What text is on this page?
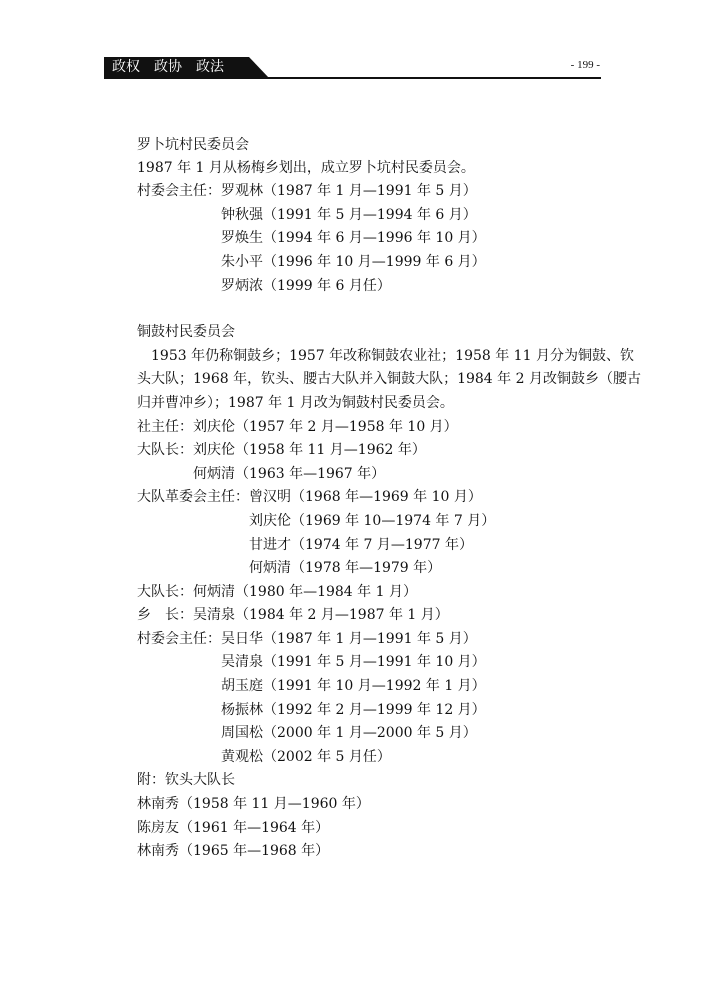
政权　政协　政法	- 199 -
罗卜坑村民委员会
1987 年 1 月从杨梅乡划出，成立罗卜坑村民委员会。
村委会主任：罗观林（1987 年 1 月—1991 年 5 月）
钟秋强（1991 年 5 月—1994 年 6 月）
罗焕生（1994 年 6 月—1996 年 10 月）
朱小平（1996 年 10 月—1999 年 6 月）
罗炳浓（1999 年 6 月任）
铜鼓村民委员会
1953 年仍称铜鼓乡；1957 年改称铜鼓农业社；1958 年 11 月分为铜鼓、钦
头大队；1968 年，钦头、腰古大队并入铜鼓大队；1984 年 2 月改铜鼓乡（腰古
归并曹冲乡）；1987 年 1 月改为铜鼓村民委员会。
社主任：刘庆伦（1957 年 2 月—1958 年 10 月）
大队长：刘庆伦（1958 年 11 月—1962 年）
何炳清（1963 年—1967 年）
大队革委会主任：曾汉明（1968 年—1969 年 10 月）
刘庆伦（1969 年 10—1974 年 7 月）
甘进才（1974 年 7 月—1977 年）
何炳清（1978 年—1979 年）
大队长：何炳清（1980 年—1984 年 1 月）
乡　长：吴清泉（1984 年 2 月—1987 年 1 月）
村委会主任：吴日华（1987 年 1 月—1991 年 5 月）
吴清泉（1991 年 5 月—1991 年 10 月）
胡玉庭（1991 年 10 月—1992 年 1 月）
杨振林（1992 年 2 月—1999 年 12 月）
周国松（2000 年 1 月—2000 年 5 月）
黄观松（2002 年 5 月任）
附：钦头大队长
林南秀（1958 年 11 月—1960 年）
陈房友（1961 年—1964 年）
林南秀（1965 年—1968 年）
